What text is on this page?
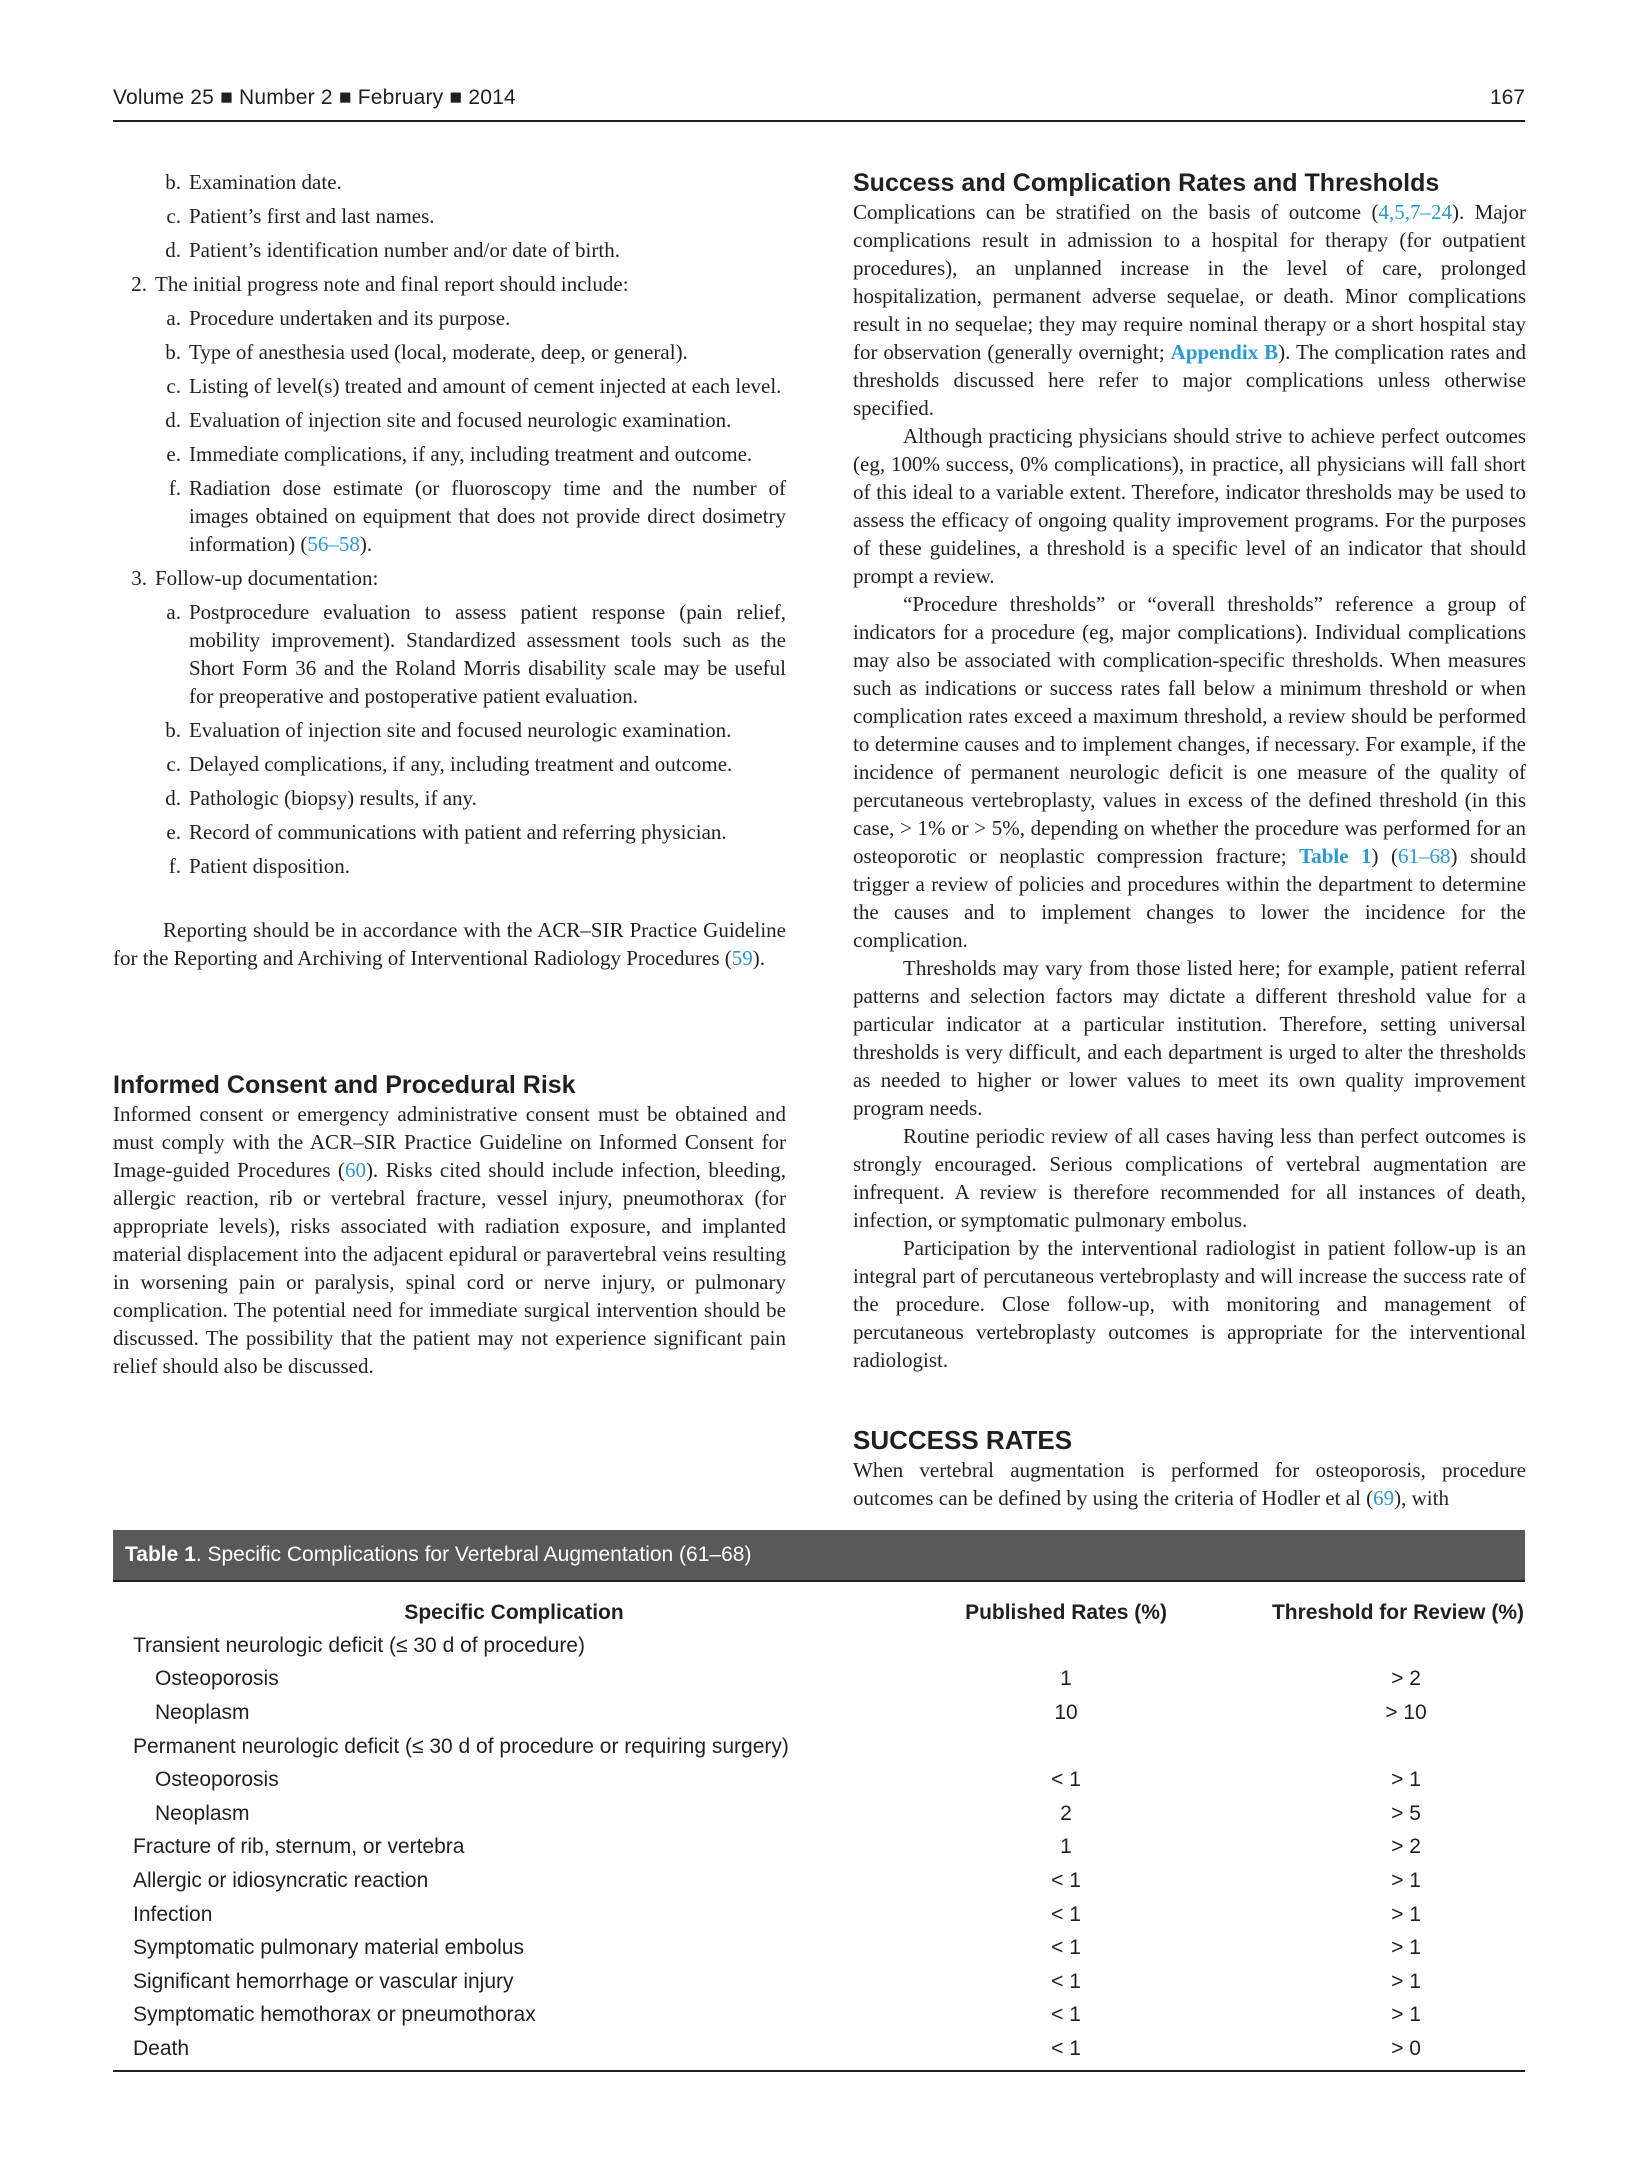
Volume 25 ■ Number 2 ■ February ■ 2014	167
b. Examination date.
c. Patient’s first and last names.
d. Patient’s identification number and/or date of birth.
2. The initial progress note and final report should include:
a. Procedure undertaken and its purpose.
b. Type of anesthesia used (local, moderate, deep, or general).
c. Listing of level(s) treated and amount of cement injected at each level.
d. Evaluation of injection site and focused neurologic examination.
e. Immediate complications, if any, including treatment and outcome.
f. Radiation dose estimate (or fluoroscopy time and the number of images obtained on equipment that does not provide direct dosimetry information) (56–58).
3. Follow-up documentation:
a. Postprocedure evaluation to assess patient response (pain relief, mobility improvement). Standardized assessment tools such as the Short Form 36 and the Roland Morris disability scale may be useful for preoperative and postoperative patient evaluation.
b. Evaluation of injection site and focused neurologic examination.
c. Delayed complications, if any, including treatment and outcome.
d. Pathologic (biopsy) results, if any.
e. Record of communications with patient and referring physician.
f. Patient disposition.

Reporting should be in accordance with the ACR–SIR Practice Guideline for the Reporting and Archiving of Interventional Radiology Procedures (59).

Informed Consent and Procedural Risk

Informed consent or emergency administrative consent must be obtained and must comply with the ACR–SIR Practice Guideline on Informed Consent for Image-guided Procedures (60). Risks cited should include infection, bleeding, allergic reaction, rib or vertebral fracture, vessel injury, pneumothorax (for appropriate levels), risks associated with radiation exposure, and implanted material displacement into the adjacent epidural or paravertebral veins resulting in worsening pain or paralysis, spinal cord or nerve injury, or pulmonary complication. The potential need for immediate surgical intervention should be discussed. The possibility that the patient may not experience significant pain relief should also be discussed.

Success and Complication Rates and Thresholds

Complications can be stratified on the basis of outcome (4,5,7–24). Major complications result in admission to a hospital for therapy (for outpatient procedures), an unplanned increase in the level of care, prolonged hospitalization, permanent adverse sequelae, or death. Minor complications result in no sequelae; they may require nominal therapy or a short hospital stay for observation (generally overnight; Appendix B). The complication rates and thresholds discussed here refer to major complications unless otherwise specified.

Although practicing physicians should strive to achieve perfect outcomes (eg, 100% success, 0% complications), in practice, all physicians will fall short of this ideal to a variable extent. Therefore, indicator thresholds may be used to assess the efficacy of ongoing quality improvement programs. For the purposes of these guidelines, a threshold is a specific level of an indicator that should prompt a review.

“Procedure thresholds” or “overall thresholds” reference a group of indicators for a procedure (eg, major complications). Individual complications may also be associated with complication-specific thresholds. When measures such as indications or success rates fall below a minimum threshold or when complication rates exceed a maximum threshold, a review should be performed to determine causes and to implement changes, if necessary. For example, if the incidence of permanent neurologic deficit is one measure of the quality of percutaneous vertebroplasty, values in excess of the defined threshold (in this case, > 1% or > 5%, depending on whether the procedure was performed for an osteoporotic or neoplastic compression fracture; Table 1) (61–68) should trigger a review of policies and procedures within the department to determine the causes and to implement changes to lower the incidence for the complication.

Thresholds may vary from those listed here; for example, patient referral patterns and selection factors may dictate a different threshold value for a particular indicator at a particular institution. Therefore, setting universal thresholds is very difficult, and each department is urged to alter the thresholds as needed to higher or lower values to meet its own quality improvement program needs.

Routine periodic review of all cases having less than perfect outcomes is strongly encouraged. Serious complications of vertebral augmentation are infrequent. A review is therefore recommended for all instances of death, infection, or symptomatic pulmonary embolus.

Participation by the interventional radiologist in patient follow-up is an integral part of percutaneous vertebroplasty and will increase the success rate of the procedure. Close follow-up, with monitoring and management of percutaneous vertebroplasty outcomes is appropriate for the interventional radiologist.

SUCCESS RATES

When vertebral augmentation is performed for osteoporosis, procedure outcomes can be defined by using the criteria of Hodler et al (69), with

Table 1. Specific Complications for Vertebral Augmentation (61–68)
Specific Complication	Published Rates (%)	Threshold for Review (%)
Transient neurologic deficit (≤ 30 d of procedure)		
Osteoporosis	1	> 2
Neoplasm	10	> 10
Permanent neurologic deficit (≤ 30 d of procedure or requiring surgery)		
Osteoporosis	< 1	> 1
Neoplasm	2	> 5
Fracture of rib, sternum, or vertebra	1	> 2
Allergic or idiosyncratic reaction	< 1	> 1
Infection	< 1	> 1
Symptomatic pulmonary material embolus	< 1	> 1
Significant hemorrhage or vascular injury	< 1	> 1
Symptomatic hemothorax or pneumothorax	< 1	> 1
Death	< 1	> 0
